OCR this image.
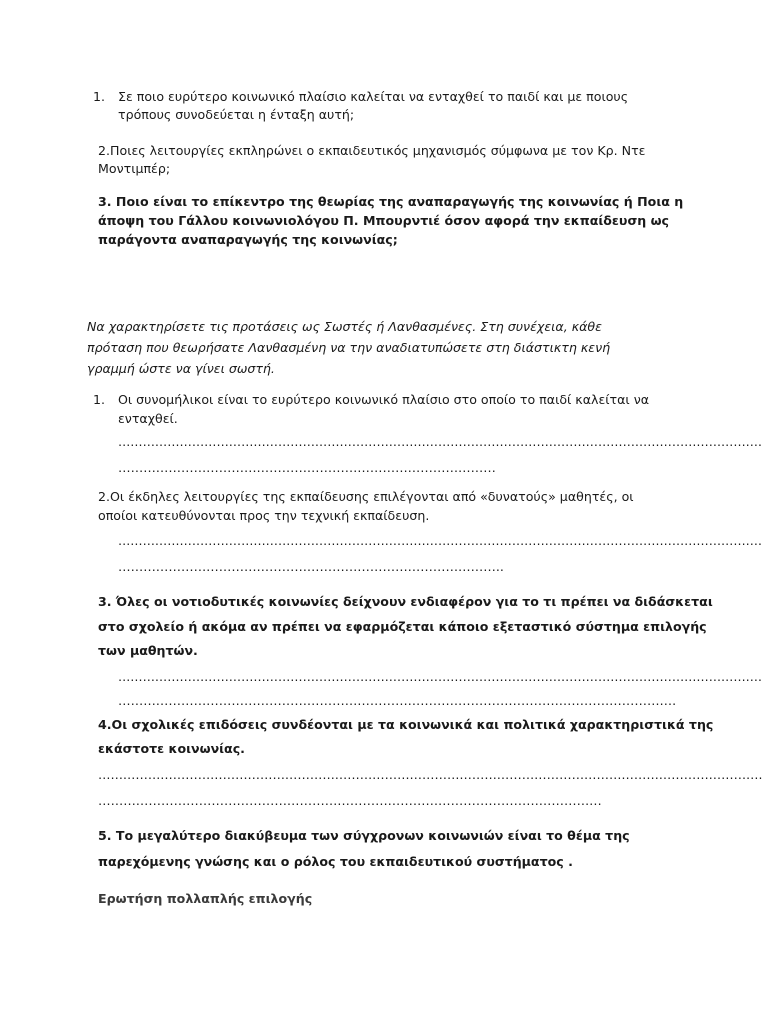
1. Σε ποιο ευρύτερο κοινωνικό πλαίσιο καλείται να ενταχθεί το παιδί και με ποιους
τρόπους συνοδεύεται η ένταξη αυτή;
2.Ποιες λειτουργίες εκπληρώνει ο εκπαιδευτικός μηχανισμός σύμφωνα με τον Κρ. Ντε
Μοντιμπέρ;
3. Ποιο είναι το επίκεντρο της θεωρίας της αναπαραγωγής της κοινωνίας ή Ποια η
άποψη του Γάλλου κοινωνιολόγου Π. Μπουρντιέ όσον αφορά την εκπαίδευση ως
παράγοντα αναπαραγωγής της κοινωνίας;
Να χαρακτηρίσετε τις προτάσεις ως Σωστές ή Λανθασμένες. Στη συνέχεια, κάθε
πρόταση που θεωρήσατε Λανθασμένη να την αναδιατυπώσετε στη διάστικτη κενή
γραμμή ώστε να γίνει σωστή.
1. Οι συνομήλικοι είναι το ευρύτερο κοινωνικό πλαίσιο στο οποίο το παιδί καλείται να
ενταχθεί.
………………………………………………………………………………………………………………………………………….
………………………………………………………………………………
2.Οι έκδηλες λειτουργίες της εκπαίδευσης επιλέγονται από «δυνατούς» μαθητές, οι
οποίοι κατευθύνονται προς την τεχνική εκπαίδευση.
………………………………………………………………………………………………………………………………………….
………………………………………………………………………………..
3. Όλες οι νοτιοδυτικές κοινωνίες δείχνουν ενδιαφέρον για το τι πρέπει να διδάσκεται
στο σχολείο ή ακόμα αν πρέπει να εφαρμόζεται κάποιο εξεταστικό σύστημα επιλογής
των μαθητών.
………………………………………………………………………………………………………………………………………….
…………………………………………………………………………………………………………………….
4.Οι σχολικές επιδόσεις συνδέονται με τα κοινωνικά και πολιτικά χαρακτηριστικά της
εκάστοτε κοινωνίας.
…………………………………………………………………………………………………………………………………………….
…………………………………………………………………………………………………………
5. Το μεγαλύτερο διακύβευμα των σύγχρονων κοινωνιών είναι το θέμα της
παρεχόμενης γνώσης και ο ρόλος του εκπαιδευτικού συστήματος .
Ερωτήση πολλαπλής επιλογής
